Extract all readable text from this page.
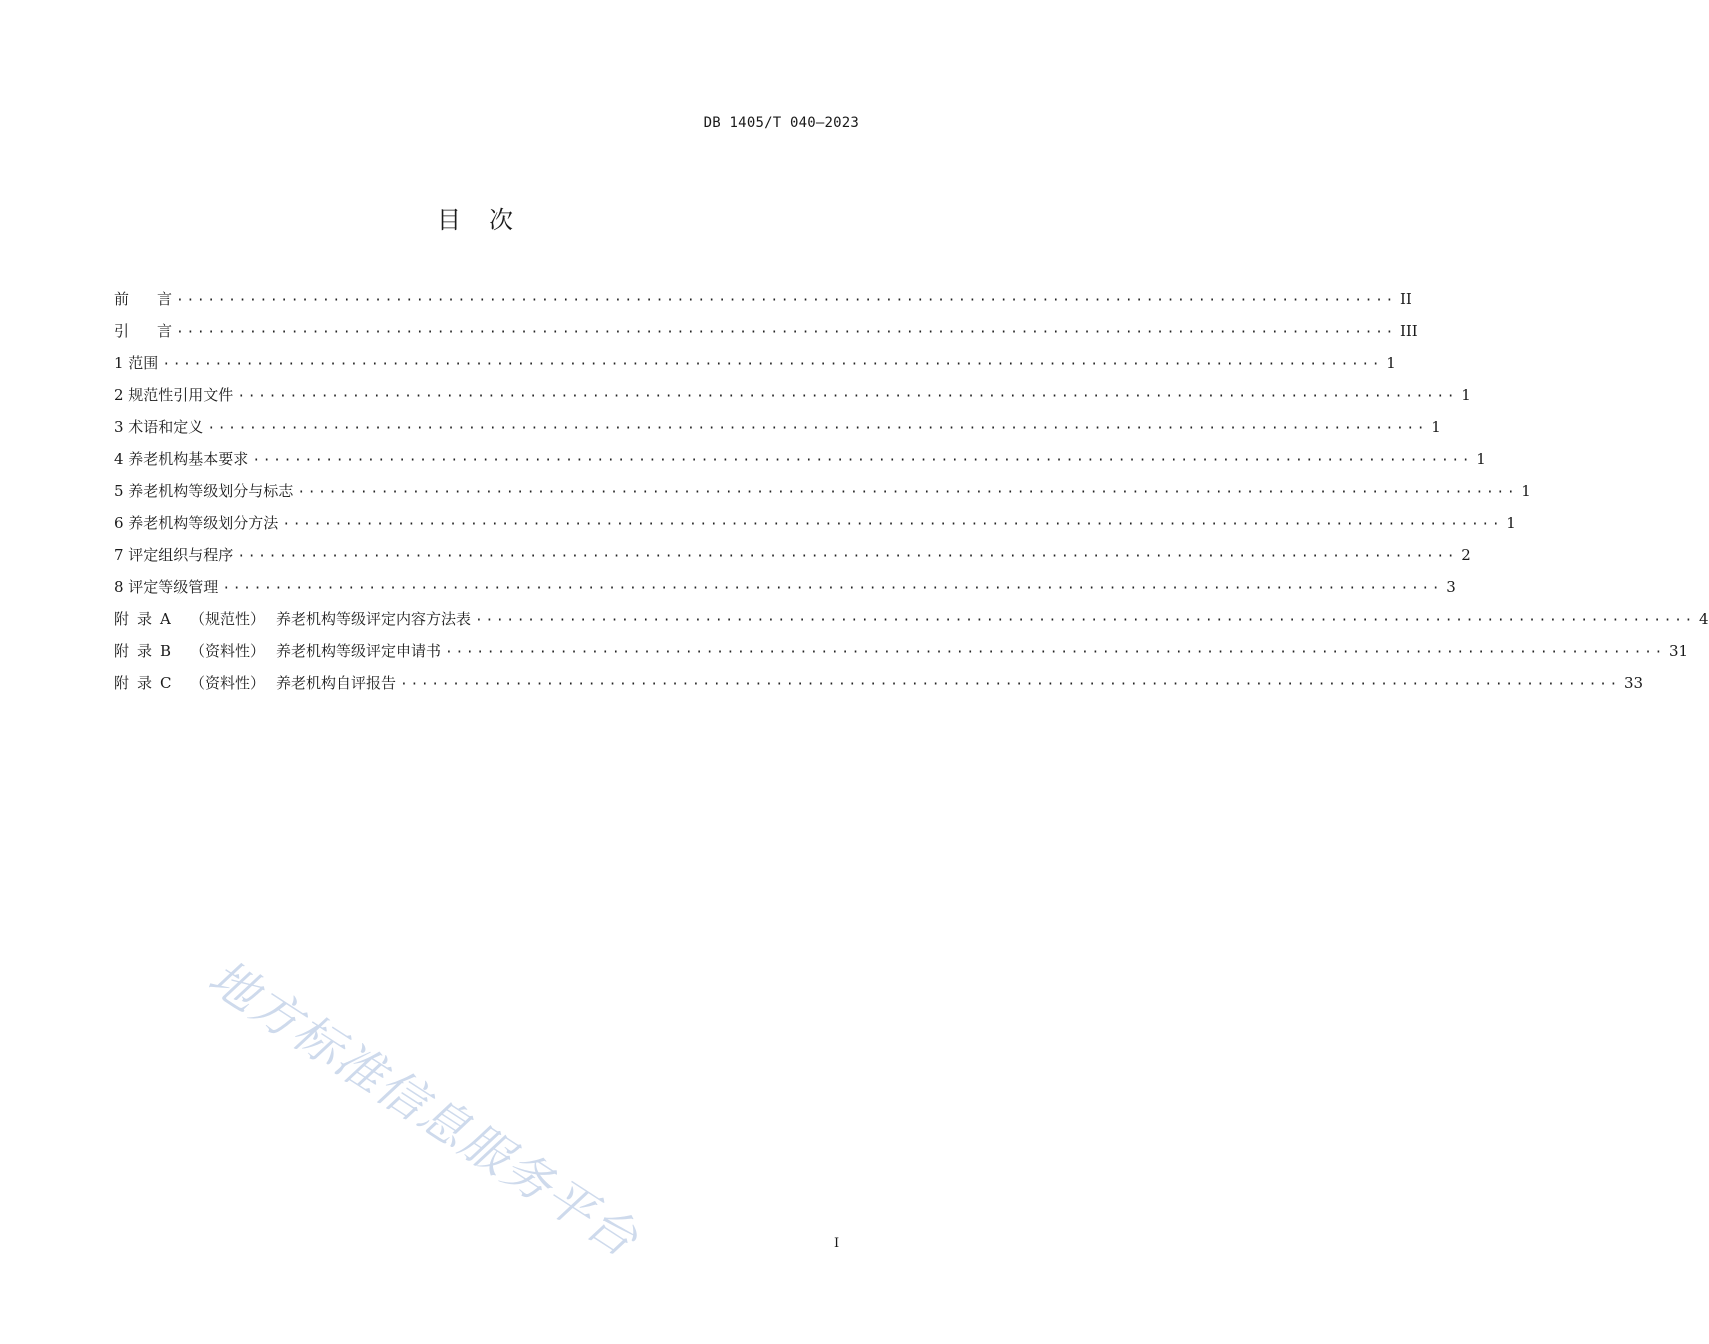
DB 1405/T 040—2023
目 次
前 言 ····················································································································· II
引 言 ····················································································································· III
1 范围 ····················································································································· 1
2 规范性引用文件 ····················································································································· 1
3 术语和定义 ····················································································································· 1
4 养老机构基本要求 ····················································································································· 1
5 养老机构等级划分与标志 ····················································································································· 1
6 养老机构等级划分方法 ····················································································································· 1
7 评定组织与程序 ····················································································································· 2
8 评定等级管理 ····················································································································· 3
附录A （规范性） 养老机构等级评定内容方法表 ····················································································································· 4
附录B （资料性） 养老机构等级评定申请书 ····················································································································· 31
附录C （资料性） 养老机构自评报告 ····················································································································· 33
地方标准信息服务平台	I
